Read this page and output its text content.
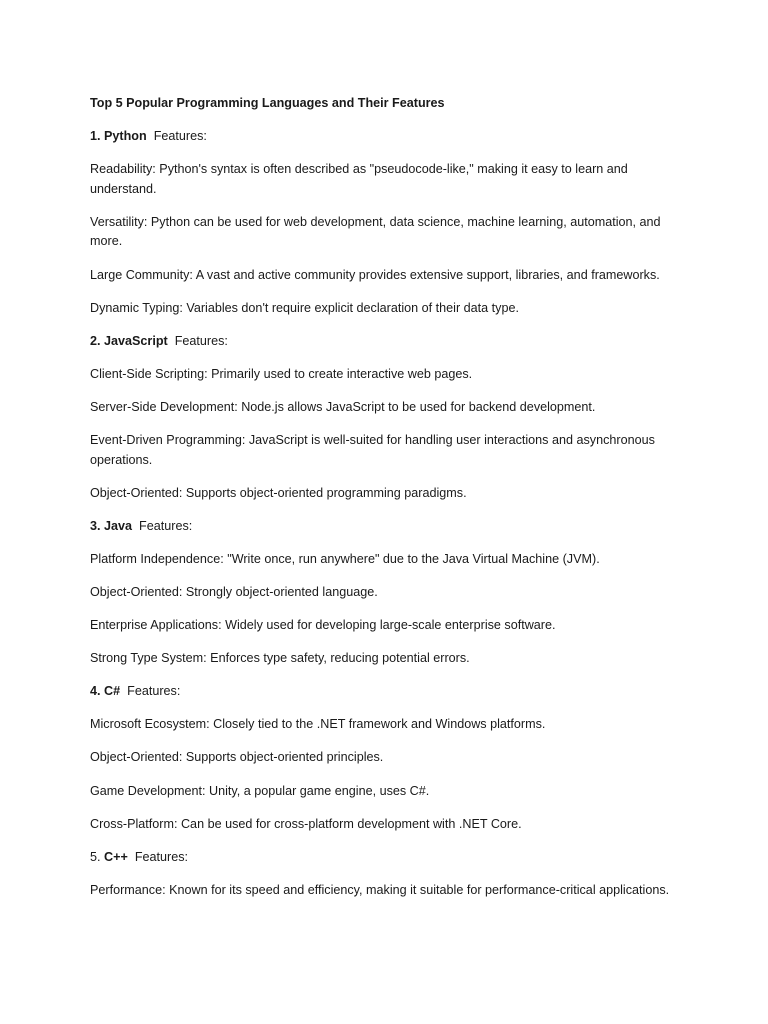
Top 5 Popular Programming Languages and Their Features

1. Python  Features:

Readability: Python's syntax is often described as "pseudocode-like," making it easy to learn and understand.

Versatility: Python can be used for web development, data science, machine learning, automation, and more.

Large Community: A vast and active community provides extensive support, libraries, and frameworks.

Dynamic Typing: Variables don't require explicit declaration of their data type.

2. JavaScript  Features:

Client-Side Scripting: Primarily used to create interactive web pages.

Server-Side Development: Node.js allows JavaScript to be used for backend development.

Event-Driven Programming: JavaScript is well-suited for handling user interactions and asynchronous operations.

Object-Oriented: Supports object-oriented programming paradigms.

3. Java  Features:

Platform Independence: "Write once, run anywhere" due to the Java Virtual Machine (JVM).

Object-Oriented: Strongly object-oriented language.

Enterprise Applications: Widely used for developing large-scale enterprise software.

Strong Type System: Enforces type safety, reducing potential errors.

4. C#  Features:

Microsoft Ecosystem: Closely tied to the .NET framework and Windows platforms.

Object-Oriented: Supports object-oriented principles.

Game Development: Unity, a popular game engine, uses C#.

Cross-Platform: Can be used for cross-platform development with .NET Core.

5. C++  Features:

Performance: Known for its speed and efficiency, making it suitable for performance-critical applications.
